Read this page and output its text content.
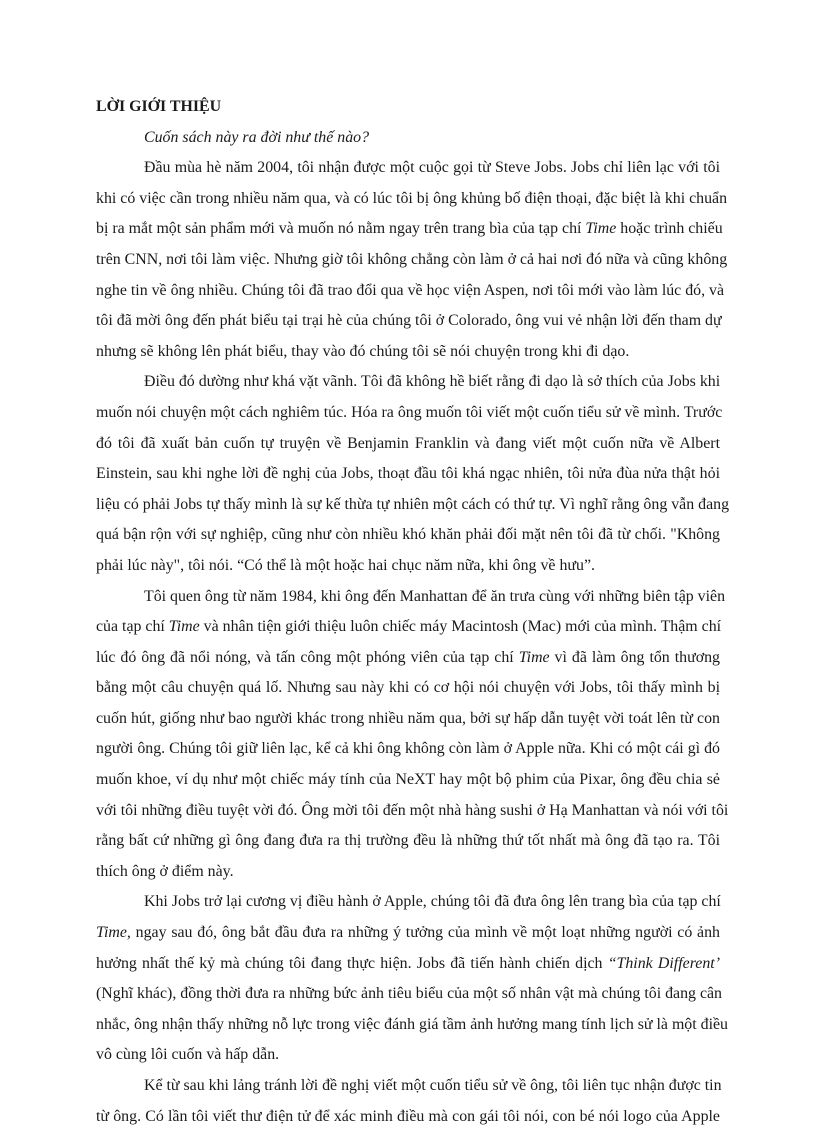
LỜI GIỚI THIỆU

Cuốn sách này ra đời như thế nào?

Đầu mùa hè năm 2004, tôi nhận được một cuộc gọi từ Steve Jobs. Jobs chỉ liên lạc với tôi
khi có việc cần trong nhiều năm qua, và có lúc tôi bị ông khủng bố điện thoại, đặc biệt là khi chuẩn
bị ra mắt một sản phẩm mới và muốn nó nằm ngay trên trang bìa của tạp chí Time hoặc trình chiếu
trên CNN, nơi tôi làm việc. Nhưng giờ tôi không chẳng còn làm ở cả hai nơi đó nữa và cũng không
nghe tin về ông nhiều. Chúng tôi đã trao đổi qua về học viện Aspen, nơi tôi mới vào làm lúc đó, và
tôi đã mời ông đến phát biểu tại trại hè của chúng tôi ở Colorado, ông vui vẻ nhận lời đến tham dự
nhưng sẽ không lên phát biểu, thay vào đó chúng tôi sẽ nói chuyện trong khi đi dạo.
Điều đó dường như khá vặt vãnh. Tôi đã không hề biết rằng đi dạo là sở thích của Jobs khi
muốn nói chuyện một cách nghiêm túc. Hóa ra ông muốn tôi viết một cuốn tiểu sử về mình. Trước
đó tôi đã xuất bản cuốn tự truyện về Benjamin Franklin và đang viết một cuốn nữa về Albert
Einstein, sau khi nghe lời đề nghị của Jobs, thoạt đầu tôi khá ngạc nhiên, tôi nửa đùa nửa thật hỏi
liệu có phải Jobs tự thấy mình là sự kế thừa tự nhiên một cách có thứ tự. Vì nghĩ rằng ông vẫn đang
quá bận rộn với sự nghiệp, cũng như còn nhiều khó khăn phải đối mặt nên tôi đã từ chối. "Không
phải lúc này", tôi nói. “Có thể là một hoặc hai chục năm nữa, khi ông về hưu”.
Tôi quen ông từ năm 1984, khi ông đến Manhattan để ăn trưa cùng với những biên tập viên
của tạp chí Time và nhân tiện giới thiệu luôn chiếc máy Macintosh (Mac) mới của mình. Thậm chí
lúc đó ông đã nổi nóng, và tấn công một phóng viên của tạp chí Time vì đã làm ông tổn thương
bằng một câu chuyện quá lố. Nhưng sau này khi có cơ hội nói chuyện với Jobs, tôi thấy mình bị
cuốn hút, giống như bao người khác trong nhiều năm qua, bởi sự hấp dẫn tuyệt vời toát lên từ con
người ông. Chúng tôi giữ liên lạc, kể cả khi ông không còn làm ở Apple nữa. Khi có một cái gì đó
muốn khoe, ví dụ như một chiếc máy tính của NeXT hay một bộ phim của Pixar, ông đều chia sẻ
với tôi những điều tuyệt vời đó. Ông mời tôi đến một nhà hàng sushi ở Hạ Manhattan và nói với tôi
rằng bất cứ những gì ông đang đưa ra thị trường đều là những thứ tốt nhất mà ông đã tạo ra. Tôi
thích ông ở điểm này.
Khi Jobs trở lại cương vị điều hành ở Apple, chúng tôi đã đưa ông lên trang bìa của tạp chí
Time, ngay sau đó, ông bắt đầu đưa ra những ý tưởng của mình về một loạt những người có ảnh
hưởng nhất thế kỷ mà chúng tôi đang thực hiện. Jobs đã tiến hành chiến dịch “Think Different’
(Nghĩ khác), đồng thời đưa ra những bức ảnh tiêu biểu của một số nhân vật mà chúng tôi đang cân
nhắc, ông nhận thấy những nỗ lực trong việc đánh giá tầm ảnh hưởng mang tính lịch sử là một điều
vô cùng lôi cuốn và hấp dẫn.
Kể từ sau khi lảng tránh lời đề nghị viết một cuốn tiểu sử về ông, tôi liên tục nhận được tin
từ ông. Có lần tôi viết thư điện tử để xác minh điều mà con gái tôi nói, con bé nói logo của Apple
